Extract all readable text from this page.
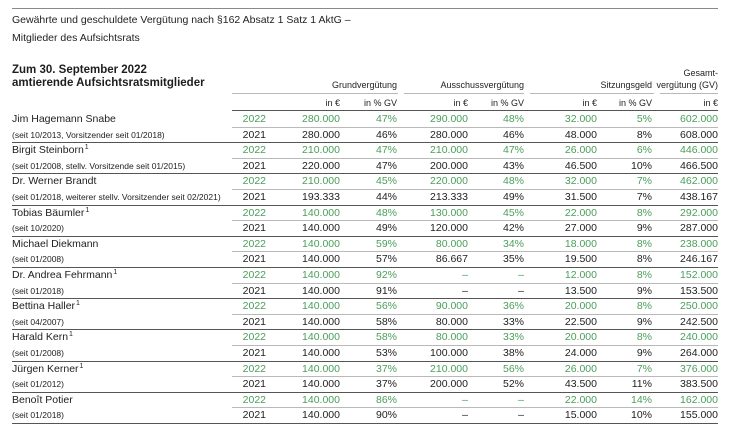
Gewährte und geschuldete Vergütung nach §162 Absatz 1 Satz 1 AktG –
Mitglieder des Aufsichtsrats
Zum 30. September 2022
amtierende Aufsichtsratsmitglieder	Grundvergütung	Ausschussvergütung	Sitzungsgeld
Gesamt-
vergütung (GV)
in €	in % GV	in €	in % GV	in € in % GV	in €
Jim Hagemann Snabe
(seit 10/2013, Vorsitzender seit 01/2018)
2022	280.000	47%	290.000	48%	32.000	5%	602.000
2021	280.000	46%	280.000	46%	48.000	8%	608.000
Birgit Steinborn$^1$
(seit 01/2008, stellv. Vorsitzende seit 01/2015)
2022	210.000	47%	210.000	47%	26.000	6%	446.000
2021	220.000	47%	200.000	43%	46.500	10%	466.500
Dr. Werner Brandt
(seit 01/2018, weiterer stellv. Vorsitzender seit 02/2021)
2022	210.000	45%	220.000	48%	32.000	7%	462.000
2021	193.333	44%	213.333	49%	31.500	7%	438.167
Tobias Bäumler$^1$
(seit 10/2020)
2022	140.000	48%	130.000	45%	22.000	8%	292.000
2021	140.000	49%	120.000	42%	27.000	9%	287.000
Michael Diekmann
(seit 01/2008)
2022	140.000	59%	80.000	34%	18.000	8%	238.000
2021	140.000	57%	86.667	35%	19.500	8%	246.167
Dr. Andrea Fehrmann$^1$
(seit 01/2018)
2022	140.000	92%	–	–	12.000	8%	152.000
2021	140.000	91%	–	–	13.500	9%	153.500
Bettina Haller$^1$
(seit 04/2007)
2022	140.000	56%	90.000	36%	20.000	8%	250.000
2021	140.000	58%	80.000	33%	22.500	9%	242.500
Harald Kern$^1$
(seit 01/2008)
2022	140.000	58%	80.000	33%	20.000	8%	240.000
2021	140.000	53%	100.000	38%	24.000	9%	264.000
Jürgen Kerner$^1$
(seit 01/2012)
2022	140.000	37%	210.000	56%	26.000	7%	376.000
2021	140.000	37%	200.000	52%	43.500	11%	383.500
Benoît Potier
(seit 01/2018)
2022	140.000	86%	–	–	22.000	14%	162.000
2021	140.000	90%	–	–	15.000	10%	155.000
